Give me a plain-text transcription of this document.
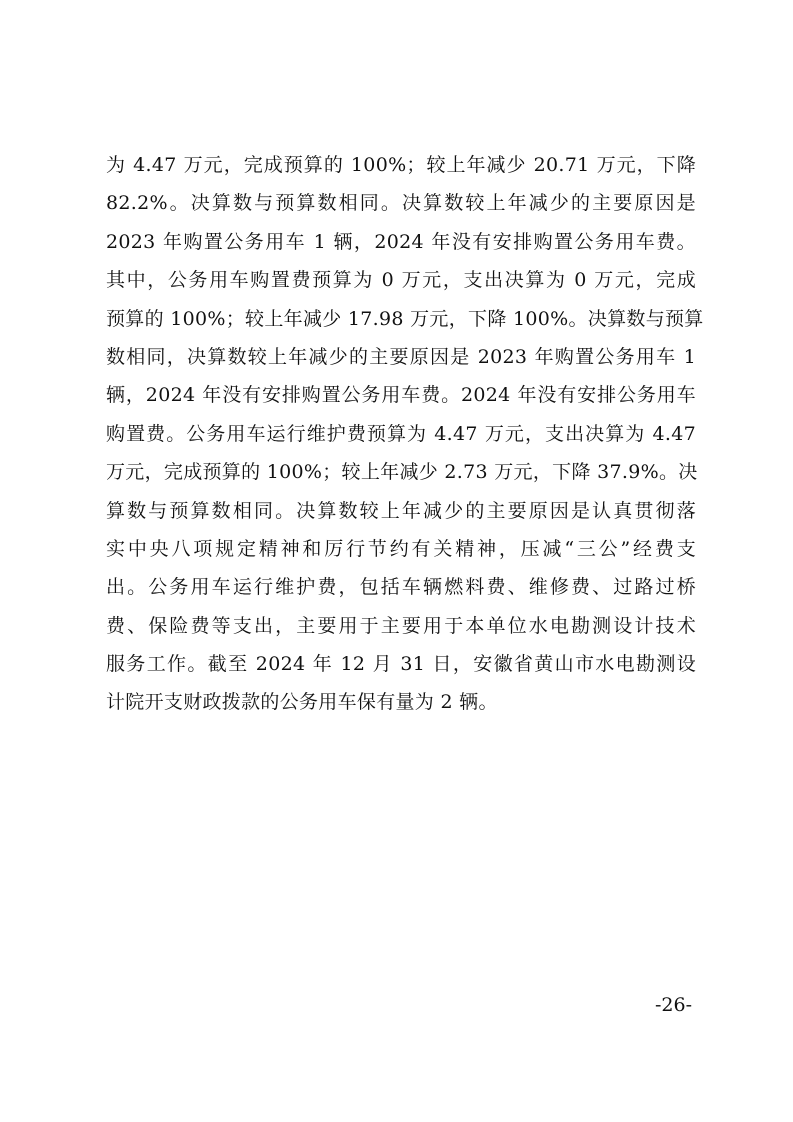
为 4.47 万元，完成预算的 100%；较上年减少 20.71 万元，下降
82.2%。决算数与预算数相同。决算数较上年减少的主要原因是
2023 年购置公务用车 1 辆，2024 年没有安排购置公务用车费。
其中，公务用车购置费预算为 0 万元，支出决算为 0 万元，完成
预算的 100%；较上年减少 17.98 万元，下降 100%。决算数与预算
数相同，决算数较上年减少的主要原因是 2023 年购置公务用车 1
辆，2024 年没有安排购置公务用车费。2024 年没有安排公务用车
购置费。公务用车运行维护费预算为 4.47 万元，支出决算为 4.47
万元，完成预算的 100%；较上年减少 2.73 万元，下降 37.9%。决
算数与预算数相同。决算数较上年减少的主要原因是认真贯彻落
实中央八项规定精神和厉行节约有关精神，压减“三公”经费支
出。公务用车运行维护费，包括车辆燃料费、维修费、过路过桥
费、保险费等支出，主要用于主要用于本单位水电勘测设计技术
服务工作。截至 2024 年 12 月 31 日，安徽省黄山市水电勘测设
计院开支财政拨款的公务用车保有量为 2 辆。
-26-
